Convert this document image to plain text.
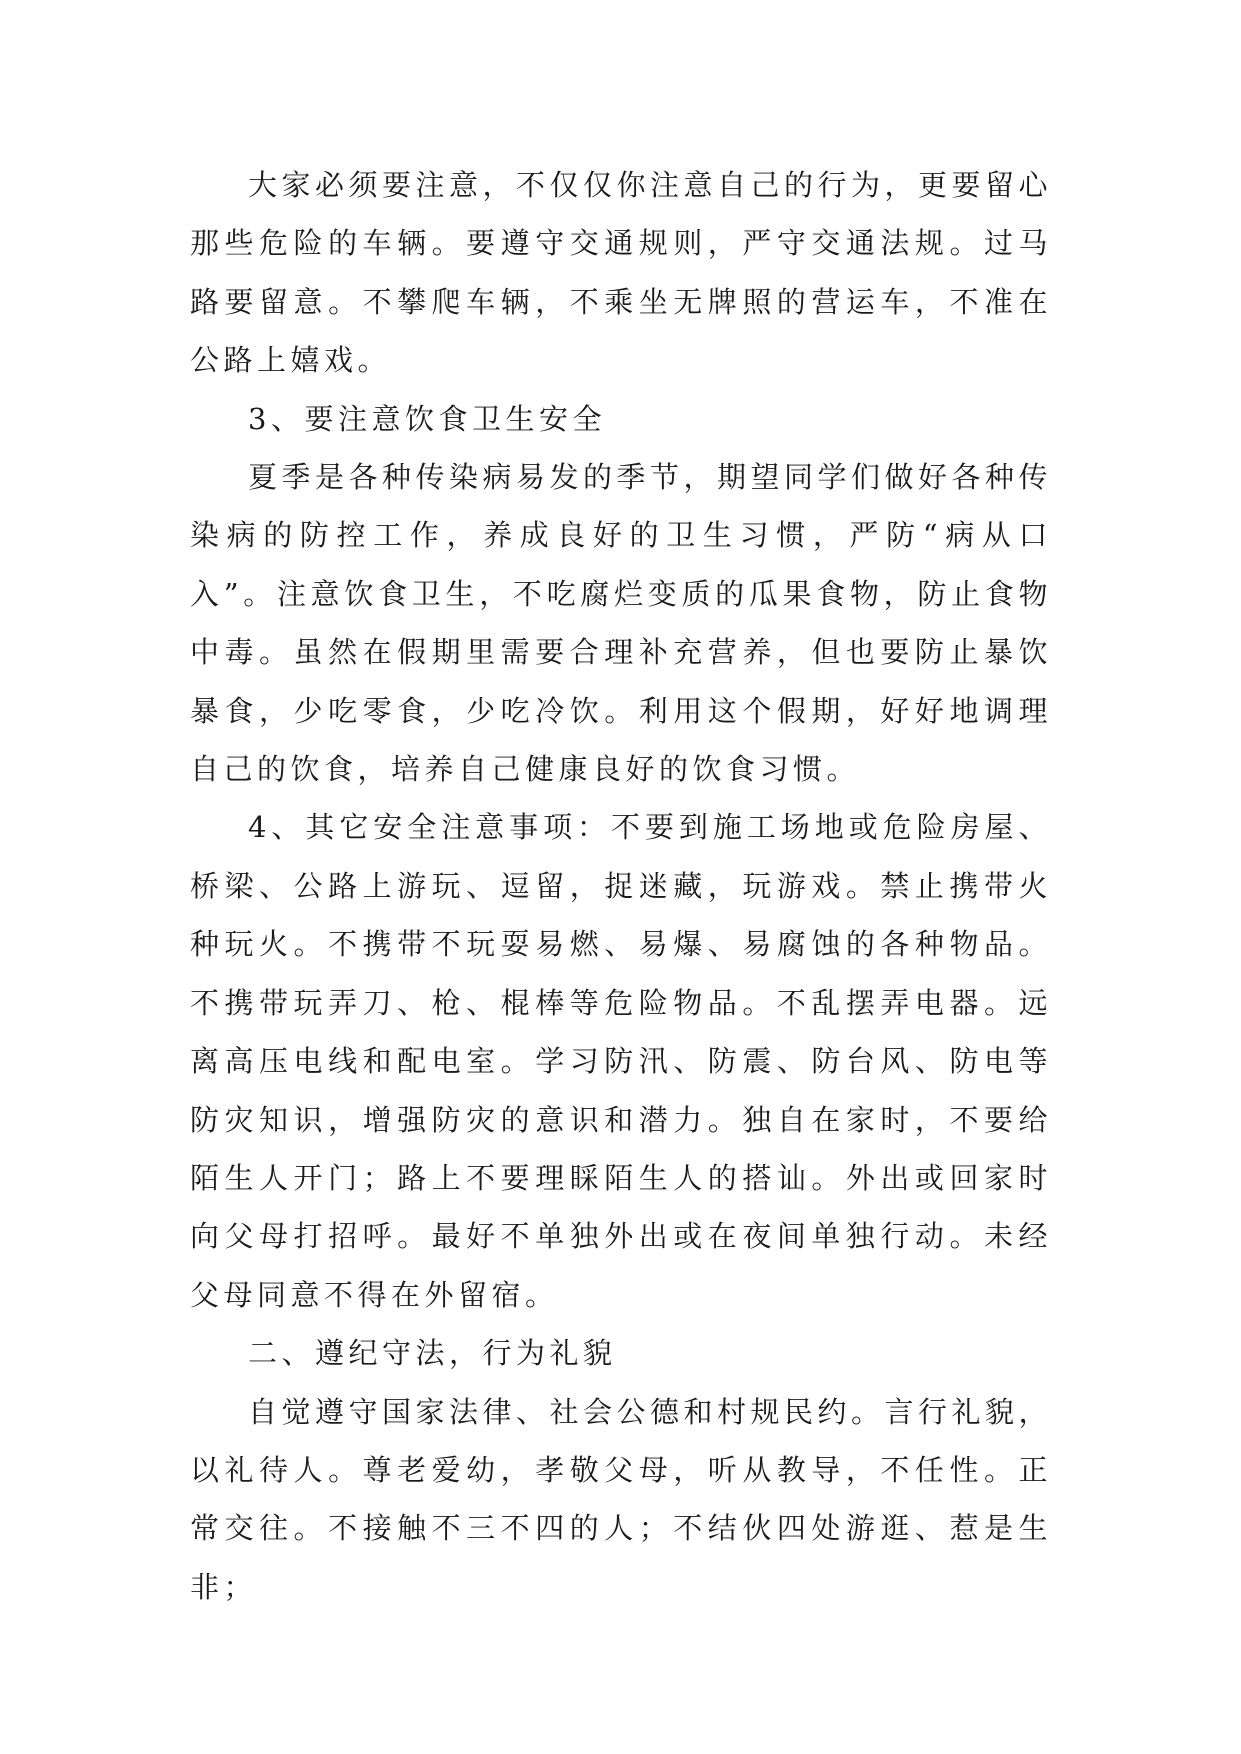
大家必须要注意，不仅仅你注意自己的行为，更要留心那些危险的车辆。要遵守交通规则，严守交通法规。过马路要留意。不攀爬车辆，不乘坐无牌照的营运车，不准在公路上嬉戏。

3、要注意饮食卫生安全

夏季是各种传染病易发的季节，期望同学们做好各种传染病的防控工作，养成良好的卫生习惯，严防“病从口入”。注意饮食卫生，不吃腐烂变质的瓜果食物，防止食物中毒。虽然在假期里需要合理补充营养，但也要防止暴饮暴食，少吃零食，少吃冷饮。利用这个假期，好好地调理自己的饮食，培养自己健康良好的饮食习惯。

4、其它安全注意事项：不要到施工场地或危险房屋、桥梁、公路上游玩、逗留，捉迷藏，玩游戏。禁止携带火种玩火。不携带不玩耍易燃、易爆、易腐蚀的各种物品。不携带玩弄刀、枪、棍棒等危险物品。不乱摆弄电器。远离高压电线和配电室。学习防汛、防震、防台风、防电等防灾知识，增强防灾的意识和潜力。独自在家时，不要给陌生人开门；路上不要理睬陌生人的搭讪。外出或回家时向父母打招呼。最好不单独外出或在夜间单独行动。未经父母同意不得在外留宿。

二、遵纪守法，行为礼貌

自觉遵守国家法律、社会公德和村规民约。言行礼貌，以礼待人。尊老爱幼，孝敬父母，听从教导，不任性。正常交往。不接触不三不四的人；不结伙四处游逛、惹是生非；
